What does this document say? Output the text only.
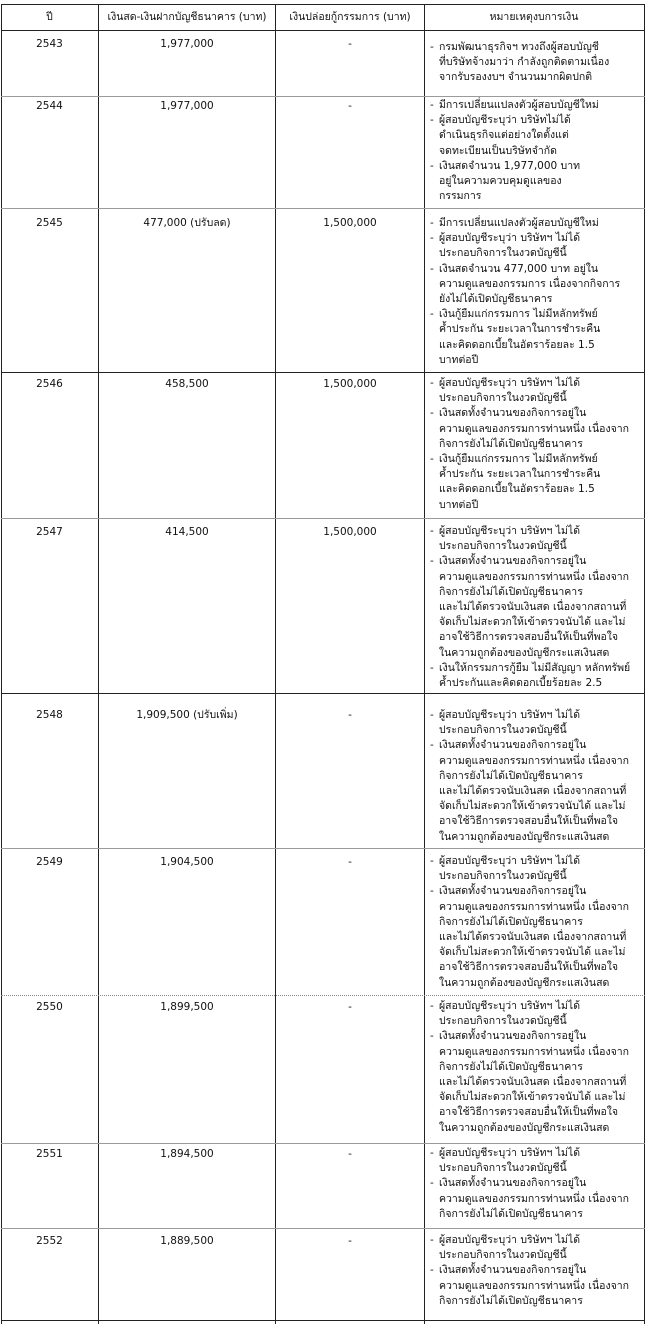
ปี	เงินสด-เงินฝากบัญชีธนาคาร (บาท)	เงินปล่อยกู้กรรมการ (บาท)	หมายเหตุงบการเงิน
2543	1,977,000	-	- กรมพัฒนาธุรกิจฯ ทวงถึงผู้สอบบัญชี
ที่บริษัทจ้างมาว่า กำลังถูกติดตามเนื่อง
จากรับรองงบฯ จำนวนมากผิดปกติ
2544	1,977,000	-	- มีการเปลี่ยนแปลงตัวผู้สอบบัญชีใหม่
- ผู้สอบบัญชีระบุว่า บริษัทไม่ได้
ดำเนินธุรกิจแต่อย่างใดตั้งแต่
จดทะเบียนเป็นบริษัทจำกัด
- เงินสดจำนวน 1,977,000 บาท
อยู่ในความควบคุมดูแลของ
กรรมการ
2545	477,000 (ปรับลด)	1,500,000	- มีการเปลี่ยนแปลงตัวผู้สอบบัญชีใหม่
- ผู้สอบบัญชีระบุว่า บริษัทฯ ไม่ได้
ประกอบกิจการในงวดบัญชีนี้
- เงินสดจำนวน 477,000 บาท อยู่ใน
ความดูแลของกรรมการ เนื่องจากกิจการ
ยังไม่ได้เปิดบัญชีธนาคาร
- เงินกู้ยืมแก่กรรมการ ไม่มีหลักทรัพย์
ค้ำประกัน ระยะเวลาในการชำระคืน
และคิดดอกเบี้ยในอัตราร้อยละ 1.5
บาทต่อปี
2546	458,500	1,500,000	- ผู้สอบบัญชีระบุว่า บริษัทฯ ไม่ได้
ประกอบกิจการในงวดบัญชีนี้
- เงินสดทั้งจำนวนของกิจการอยู่ใน
ความดูแลของกรรมการท่านหนึ่ง เนื่องจาก
กิจการยังไม่ได้เปิดบัญชีธนาคาร
- เงินกู้ยืมแก่กรรมการ ไม่มีหลักทรัพย์
ค้ำประกัน ระยะเวลาในการชำระคืน
และคิดดอกเบี้ยในอัตราร้อยละ 1.5
บาทต่อปี
2547	414,500	1,500,000	- ผู้สอบบัญชีระบุว่า บริษัทฯ ไม่ได้
ประกอบกิจการในงวดบัญชีนี้
- เงินสดทั้งจำนวนของกิจการอยู่ใน
ความดูแลของกรรมการท่านหนึ่ง เนื่องจาก
กิจการยังไม่ได้เปิดบัญชีธนาคาร
และไม่ได้ตรวจนับเงินสด เนื่องจากสถานที่
จัดเก็บไม่สะดวกให้เข้าตรวจนับได้ และไม่
อาจใช้วิธีการตรวจสอบอื่นให้เป็นที่พอใจ
ในความถูกต้องของบัญชีกระแสเงินสด
- เงินให้กรรมการกู้ยืม ไม่มีสัญญา หลักทรัพย์
ค้ำประกันและคิดดอกเบี้ยร้อยละ 2.5
2548	1,909,500 (ปรับเพิ่ม)	-	- ผู้สอบบัญชีระบุว่า บริษัทฯ ไม่ได้
ประกอบกิจการในงวดบัญชีนี้
- เงินสดทั้งจำนวนของกิจการอยู่ใน
ความดูแลของกรรมการท่านหนึ่ง เนื่องจาก
กิจการยังไม่ได้เปิดบัญชีธนาคาร
และไม่ได้ตรวจนับเงินสด เนื่องจากสถานที่
จัดเก็บไม่สะดวกให้เข้าตรวจนับได้ และไม่
อาจใช้วิธีการตรวจสอบอื่นให้เป็นที่พอใจ
ในความถูกต้องของบัญชีกระแสเงินสด
2549	1,904,500	-	- ผู้สอบบัญชีระบุว่า บริษัทฯ ไม่ได้
ประกอบกิจการในงวดบัญชีนี้
- เงินสดทั้งจำนวนของกิจการอยู่ใน
ความดูแลของกรรมการท่านหนึ่ง เนื่องจาก
กิจการยังไม่ได้เปิดบัญชีธนาคาร
และไม่ได้ตรวจนับเงินสด เนื่องจากสถานที่
จัดเก็บไม่สะดวกให้เข้าตรวจนับได้ และไม่
อาจใช้วิธีการตรวจสอบอื่นให้เป็นที่พอใจ
ในความถูกต้องของบัญชีกระแสเงินสด
2550	1,899,500	-	- ผู้สอบบัญชีระบุว่า บริษัทฯ ไม่ได้
ประกอบกิจการในงวดบัญชีนี้
- เงินสดทั้งจำนวนของกิจการอยู่ใน
ความดูแลของกรรมการท่านหนึ่ง เนื่องจาก
กิจการยังไม่ได้เปิดบัญชีธนาคาร
และไม่ได้ตรวจนับเงินสด เนื่องจากสถานที่
จัดเก็บไม่สะดวกให้เข้าตรวจนับได้ และไม่
อาจใช้วิธีการตรวจสอบอื่นให้เป็นที่พอใจ
ในความถูกต้องของบัญชีกระแสเงินสด
2551	1,894,500	-	- ผู้สอบบัญชีระบุว่า บริษัทฯ ไม่ได้
ประกอบกิจการในงวดบัญชีนี้
- เงินสดทั้งจำนวนของกิจการอยู่ใน
ความดูแลของกรรมการท่านหนึ่ง เนื่องจาก
กิจการยังไม่ได้เปิดบัญชีธนาคาร
2552	1,889,500	-	- ผู้สอบบัญชีระบุว่า บริษัทฯ ไม่ได้
ประกอบกิจการในงวดบัญชีนี้
- เงินสดทั้งจำนวนของกิจการอยู่ใน
ความดูแลของกรรมการท่านหนึ่ง เนื่องจาก
กิจการยังไม่ได้เปิดบัญชีธนาคาร
